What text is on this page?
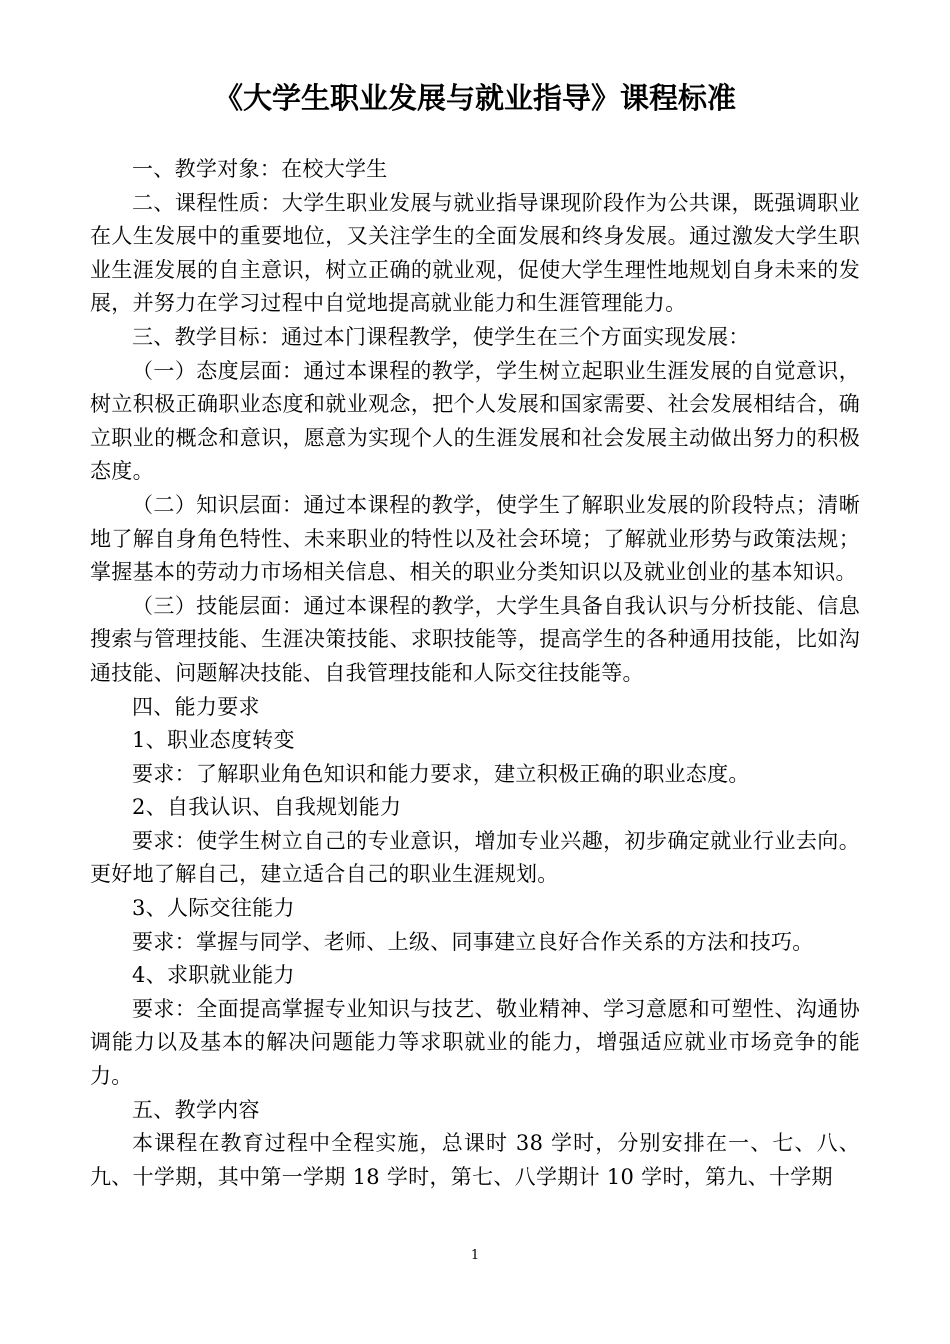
《大学生职业发展与就业指导》课程标准

一、教学对象：在校大学生

二、课程性质：大学生职业发展与就业指导课现阶段作为公共课，既强调职业在人生发展中的重要地位，又关注学生的全面发展和终身发展。通过激发大学生职业生涯发展的自主意识，树立正确的就业观，促使大学生理性地规划自身未来的发展，并努力在学习过程中自觉地提高就业能力和生涯管理能力。

三、教学目标：通过本门课程教学，使学生在三个方面实现发展：

（一）态度层面：通过本课程的教学，学生树立起职业生涯发展的自觉意识，树立积极正确职业态度和就业观念，把个人发展和国家需要、社会发展相结合，确立职业的概念和意识，愿意为实现个人的生涯发展和社会发展主动做出努力的积极态度。

（二）知识层面：通过本课程的教学，使学生了解职业发展的阶段特点；清晰地了解自身角色特性、未来职业的特性以及社会环境；了解就业形势与政策法规；掌握基本的劳动力市场相关信息、相关的职业分类知识以及就业创业的基本知识。

（三）技能层面：通过本课程的教学，大学生具备自我认识与分析技能、信息搜索与管理技能、生涯决策技能、求职技能等，提高学生的各种通用技能，比如沟通技能、问题解决技能、自我管理技能和人际交往技能等。

四、能力要求

1、职业态度转变

要求：了解职业角色知识和能力要求，建立积极正确的职业态度。

2、自我认识、自我规划能力

要求：使学生树立自己的专业意识，增加专业兴趣，初步确定就业行业去向。更好地了解自己，建立适合自己的职业生涯规划。

3、人际交往能力

要求：掌握与同学、老师、上级、同事建立良好合作关系的方法和技巧。

4、求职就业能力

要求：全面提高掌握专业知识与技艺、敬业精神、学习意愿和可塑性、沟通协调能力以及基本的解决问题能力等求职就业的能力，增强适应就业市场竞争的能力。

五、教学内容

本课程在教育过程中全程实施，总课时 38 学时，分别安排在一、七、八、九、十学期，其中第一学期 18 学时，第七、八学期计 10 学时，第九、十学期

1
